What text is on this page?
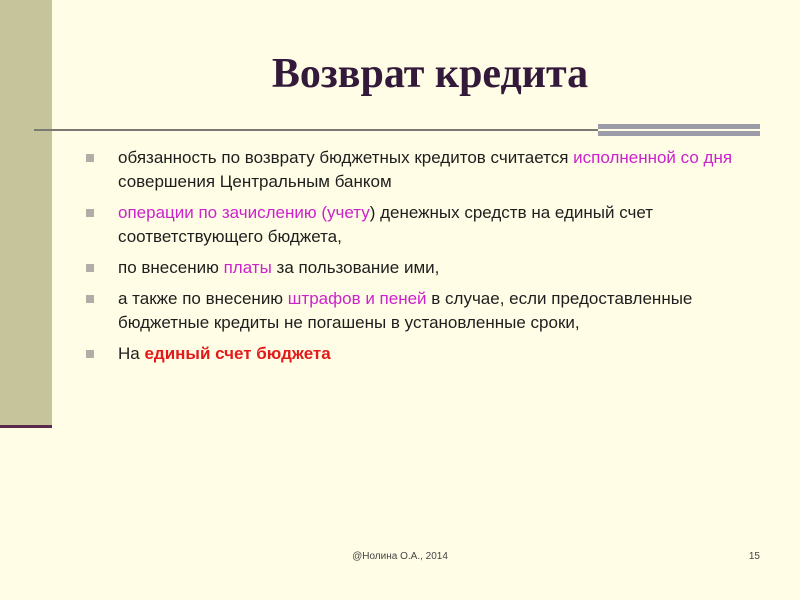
Возврат кредита
обязанность по возврату бюджетных кредитов считается исполненной со дня совершения Центральным банком
операции по зачислению (учету) денежных средств на единый счет соответствующего бюджета,
по внесению платы за пользование ими,
а также по внесению штрафов и пеней в случае, если предоставленные бюджетные кредиты не погашены в установленные сроки,
На единый счет бюджета
@Нолина О.А., 2014	15
